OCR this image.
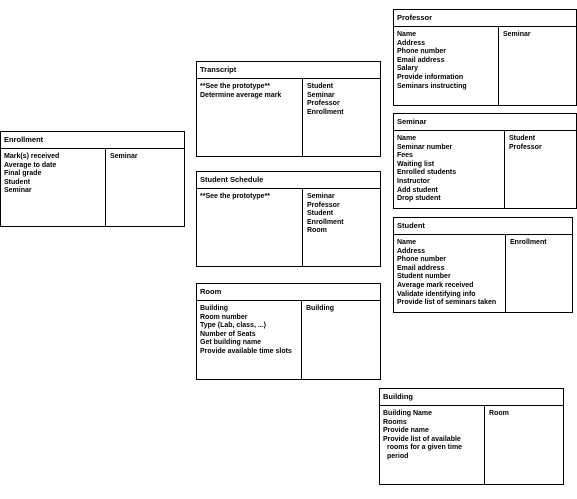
Professor
Name
Address
Phone number
Email address
Salary
Provide information
Seminars instructing
Seminar
Transcript
**See the prototype**
Determine average mark
Student
Seminar
Professor
Enrollment
Enrollment
Mark(s) received
Average to date
Final grade
Student
Seminar
Seminar
Seminar
Name
Seminar number
Fees
Waiting list
Enrolled students
Instructor
Add student
Drop student
Student
Professor
Student Schedule
**See the prototype**	Seminar
Professor
Student
Enrollment
Room
Student
Name
Address
Phone number
Email address
Student number
Average mark received
Validate identifying info
Provide list of seminars taken
Enrollment
Room
Building
Room number
Type (Lab, class, ...)
Number of Seats
Get building name
Provide available time slots
Building
Building
Building Name
Rooms
Provide name
Provide list of available
rooms for a given time
period
Room
